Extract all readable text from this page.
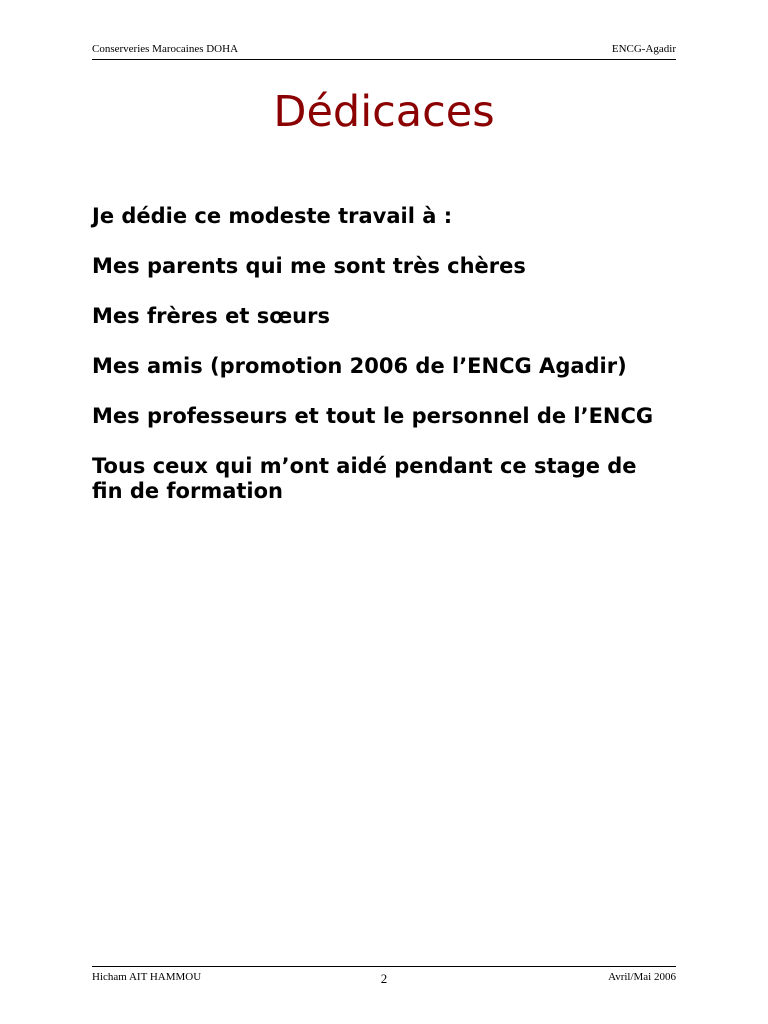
Conserveries Marocaines DOHA	ENCG-Agadir
Dédicaces

Je dédie ce modeste travail à :

Mes parents qui me sont très chères

Mes frères et sœurs

Mes amis (promotion 2006 de l’ENCG Agadir)

Mes professeurs et tout le personnel de l’ENCG

Tous ceux qui m’ont aidé pendant ce stage de fin de formation

Hicham AIT HAMMOU	2	Avril/Mai 2006
